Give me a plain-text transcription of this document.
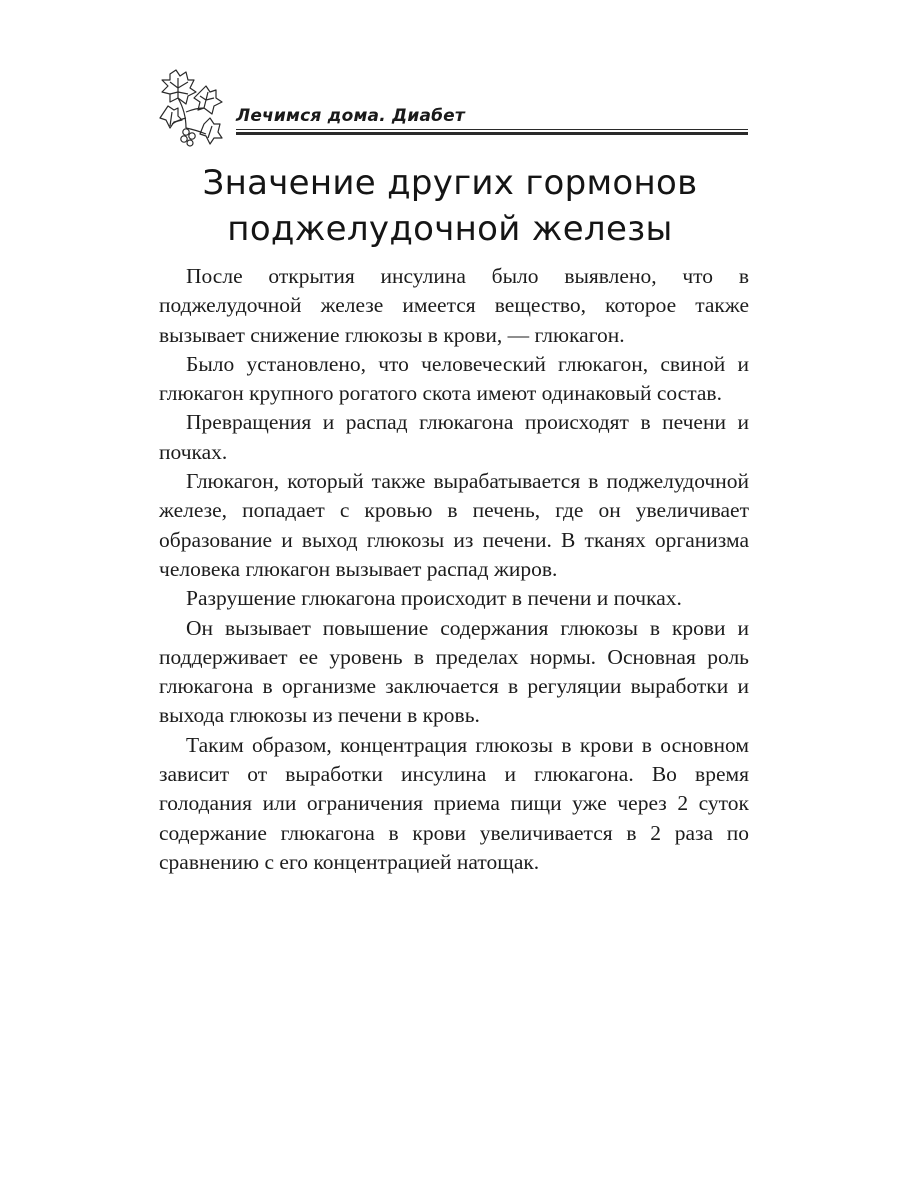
Лечимся дома. Диабет
Значение других гормонов
поджелудочной железы

После открытия инсулина было выявлено, что в поджелудочной железе имеется вещество, которое также вызывает снижение глюкозы в крови, — глюкагон.

Было установлено, что человеческий глюкагон, свиной и глюкагон крупного рогатого скота имеют одинаковый состав.

Превращения и распад глюкагона происходят в печени и почках.

Глюкагон, который также вырабатывается в поджелудочной железе, попадает с кровью в печень, где он увеличивает образование и выход глюкозы из печени. В тканях организма человека глюкагон вызывает распад жиров.

Разрушение глюкагона происходит в печени и почках.

Он вызывает повышение содержания глюкозы в крови и поддерживает ее уровень в пределах нормы. Основная роль глюкагона в организме заключается в регуляции выработки и выхода глюкозы из печени в кровь.

Таким образом, концентрация глюкозы в крови в основном зависит от выработки инсулина и глюкагона. Во время голодания или ограничения приема пищи уже через 2 суток содержание глюкагона в крови увеличивается в 2 раза по сравнению с его концентрацией натощак.
